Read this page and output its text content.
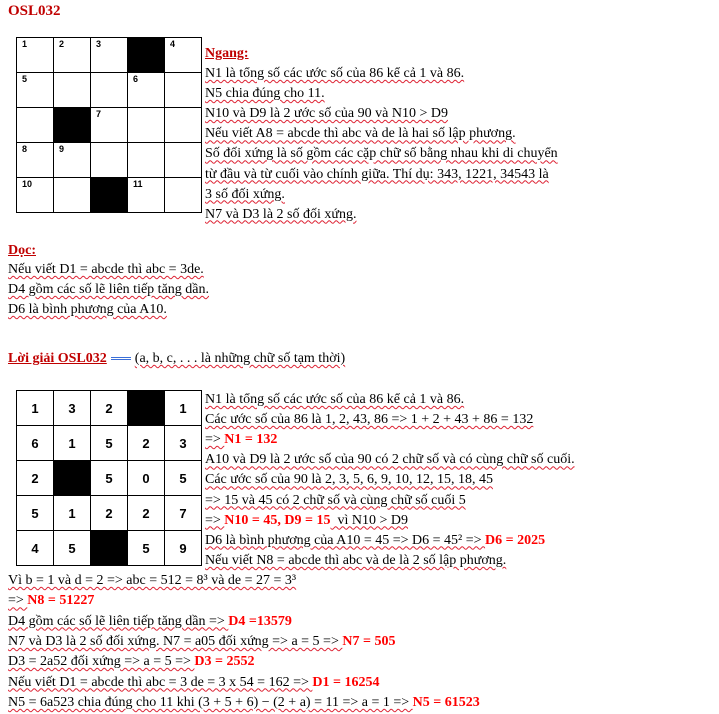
OSL032
1	2	3		4

5			6	

		7		

8	9			

10			11	

Ngang:
N1 là tổng số các ước số của 86 kể cả 1 và 86.
N5 chia đúng cho 11.
N10 và D9 là 2 ước số của 90 và N10 > D9
Nếu viết A8 = abcde thì abc và de là hai số lập phương.
Số đối xứng là số gồm các cặp chữ số bằng nhau khi di chuyển
từ đầu và từ cuối vào chính giữa. Thí dụ: 343, 1221, 34543 là
3 số đối xứng.
N7 và D3 là 2 số đối xứng.
Dọc:
Nếu viết D1 = abcde thì abc = 3de.
D4 gồm các số lẽ liên tiếp tăng dần.
D6 là bình phương của A10.
Lời giải OSL032 (a, b, c, . . . là những chữ số tạm thời)
1	3	2		1
6	1	5	2	3
2		5	0	5
5	1	2	2	7
4	5		5	9
N1 là tổng số các ước số của 86 kể cả 1 và 86.
Các ước số của 86 là 1, 2, 43, 86 => 1 + 2 + 43 + 86 = 132
=> N1 = 132
A10 và D9 là 2 ước số của 90 có 2 chữ số và có cùng chữ số cuối.
Các ước số của 90 là 2, 3, 5, 6, 9, 10, 12, 15, 18, 45
=> 15 và 45 có 2 chữ số và cùng chữ số cuối 5
=> N10 = 45, D9 = 15  vì N10 > D9
D6 là bình phương của A10 = 45 => D6 = 45² => D6 = 2025
Nếu viết N8 = abcde thì abc và de là 2 số lập phương.
Vì b = 1 và d = 2 => abc = 512 = 8³ và de = 27 = 3³
=> N8 = 51227
D4 gồm các số lẽ liên tiếp tăng dần => D4 =13579
N7 và D3 là 2 số đối xứng. N7 = a05 đối xứng => a = 5 => N7 = 505
D3 = 2a52 đối xứng => a = 5 => D3 = 2552
Nếu viết D1 = abcde thì abc = 3 de = 3 x 54 = 162 => D1 = 16254
N5 = 6a523 chia đúng cho 11 khi (3 + 5 + 6) − (2 + a) = 11 => a = 1 => N5 = 61523
